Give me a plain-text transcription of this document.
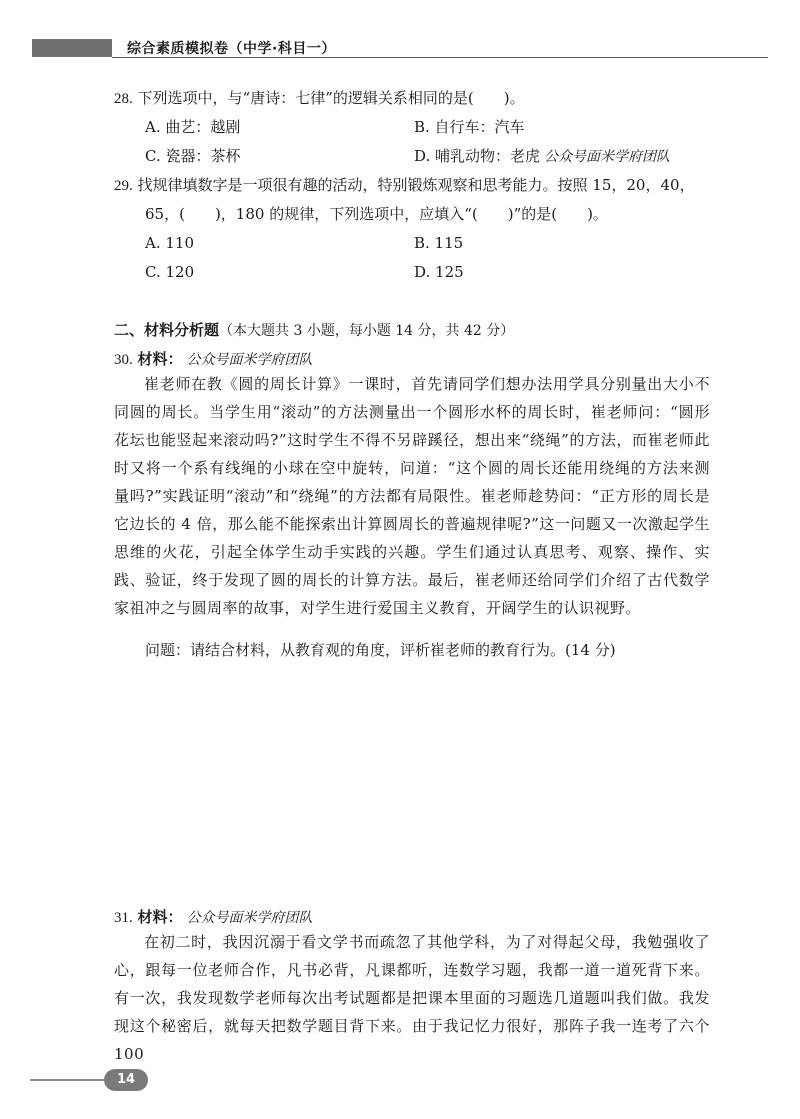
综合素质模拟卷（中学·科目一）
28. 下列选项中，与“唐诗：七律”的逻辑关系相同的是(　　)。
A. 曲艺：越剧	B. 自行车：汽车
C. 瓷器：茶杯	D. 哺乳动物：老虎 公众号面米学府团队
29. 找规律填数字是一项很有趣的活动，特别锻炼观察和思考能力。按照 15，20，40，
65，(　　)，180 的规律，下列选项中，应填入“(　　)”的是(　　)。
A. 110	B. 115
C. 120	D. 125
二、材料分析题（本大题共 3 小题，每小题 14 分，共 42 分）
30. 材料： 公众号面米学府团队
崔老师在教《圆的周长计算》一课时，首先请同学们想办法用学具分别量出大小不同圆的周长。当学生用“滚动”的方法测量出一个圆形水杯的周长时，崔老师问：“圆形花坛也能竖起来滚动吗?”这时学生不得不另辟蹊径，想出来“绕绳”的方法，而崔老师此时又将一个系有线绳的小球在空中旋转，问道：“这个圆的周长还能用绕绳的方法来测量吗?”实践证明“滚动”和“绕绳”的方法都有局限性。崔老师趁势问：“正方形的周长是它边长的 4 倍，那么能不能探索出计算圆周长的普遍规律呢?”这一问题又一次激起学生思维的火花，引起全体学生动手实践的兴趣。学生们通过认真思考、观察、操作、实践、验证，终于发现了圆的周长的计算方法。最后，崔老师还给同学们介绍了古代数学家祖冲之与圆周率的故事，对学生进行爱国主义教育，开阔学生的认识视野。
问题：请结合材料，从教育观的角度，评析崔老师的教育行为。(14 分)
31. 材料： 公众号面米学府团队
在初二时，我因沉溺于看文学书而疏忽了其他学科，为了对得起父母，我勉强收了心，跟每一位老师合作，凡书必背，凡课都听，连数学习题，我都一道一道死背下来。有一次，我发现数学老师每次出考试题都是把课本里面的习题选几道题叫我们做。我发现这个秘密后，就每天把数学题目背下来。由于我记忆力很好，那阵子我一连考了六个 100
14
